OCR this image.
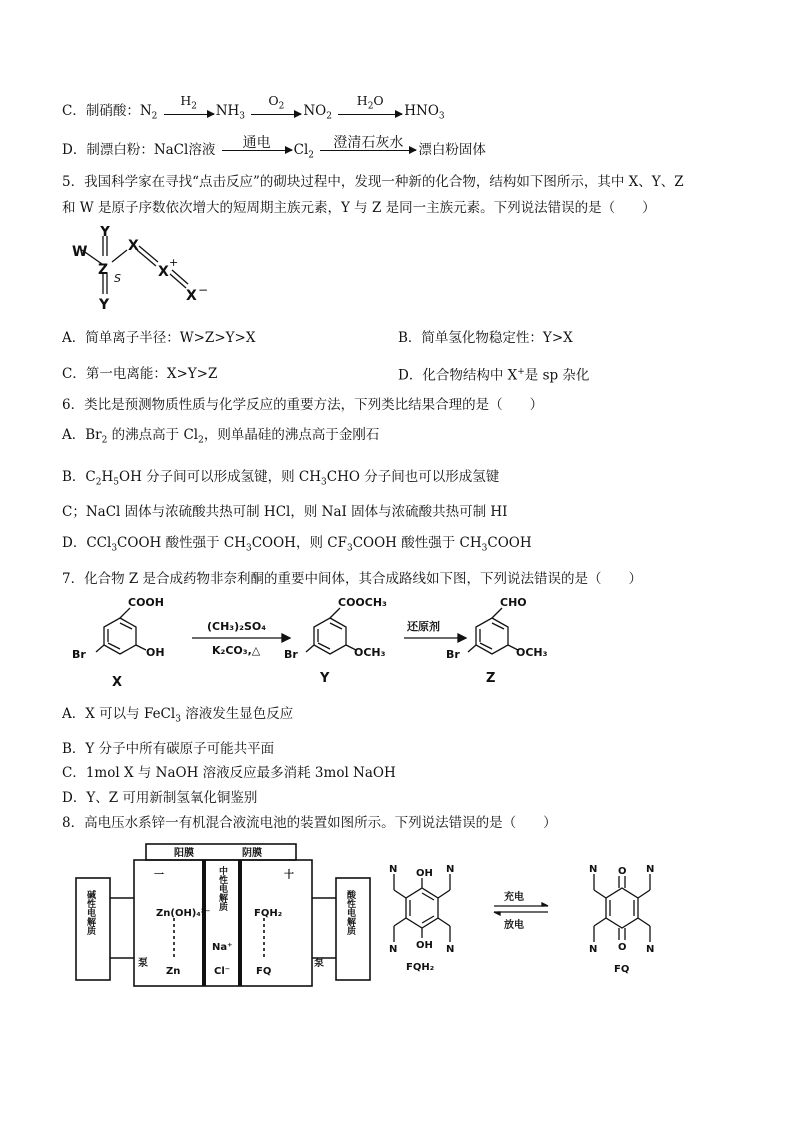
C．制硝酸：$N_2$
$H_2$	$NH_3$
$O_2$	$NO_2$
$H_2O$
$HNO_3$
D．制漂白粉：NaCl溶液	通电	$Cl_2$
澄清石灰水	漂白粉固体
5．我国科学家在寻找“点击反应”的砌块过程中，发现一种新的化合物，结构如下图所示，其中 X、Y、Z
和 W 是原子序数依次增大的短周期主族元素，Y 与 Z 是同一主族元素。下列说法错误的是（　　）
W
Y
Z
Y
X
X
X
S
+
−
A．简单离子半径：W>Z>Y>X	B．简单氢化物稳定性：Y>X
C．第一电离能：X>Y>Z	D．化合物结构中 X+是 sp 杂化
6．类比是预测物质性质与化学反应的重要方法，下列类比结果合理的是（　　）
A．$Br_2$ 的沸点高于 $Cl_2$，则单晶硅的沸点高于金刚石
B．$C_2H_5OH$ 分子间可以形成氢键，则 $CH_3CHO$ 分子间也可以形成氢键
C；NaCl 固体与浓硫酸共热可制 HCl，则 NaI 固体与浓硫酸共热可制 HI
D．CCl$_3$COOH 酸性强于 $CH_3COOH$，则 $CF_3COOH$ 酸性强于 $CH_3COOH$
7．化合物 Z 是合成药物非奈利酮的重要中间体，其合成路线如下图，下列说法错误的是（　　）
COOH
OH
Br
(CH₃)₂SO₄
K₂CO₃,△
COOCH₃
OCH₃
Br
还原剂
CHO
OCH₃
Br
X	Y	Z
A．X 可以与 FeCl$_3$ 溶液发生显色反应
B．Y 分子中所有碳原子可能共平面
C．1mol X 与 NaOH 溶液反应最多消耗 3mol NaOH
D．Y、Z 可用新制氢氧化铜鉴别
8．高电压水系锌一有机混合液流电池的装置如图所示。下列说法错误的是（　　）
阳膜	阴膜
一	十
Zn(OH)₄²⁻
Zn
FQH₂
FQ
Na⁺
Cl⁻
泵	泵
碱性电解质	酸性电解质
中性电解质	OH
OH
N	N
N	N
充电
放电
O
O
N	N
N	N
FQH₂	FQ
